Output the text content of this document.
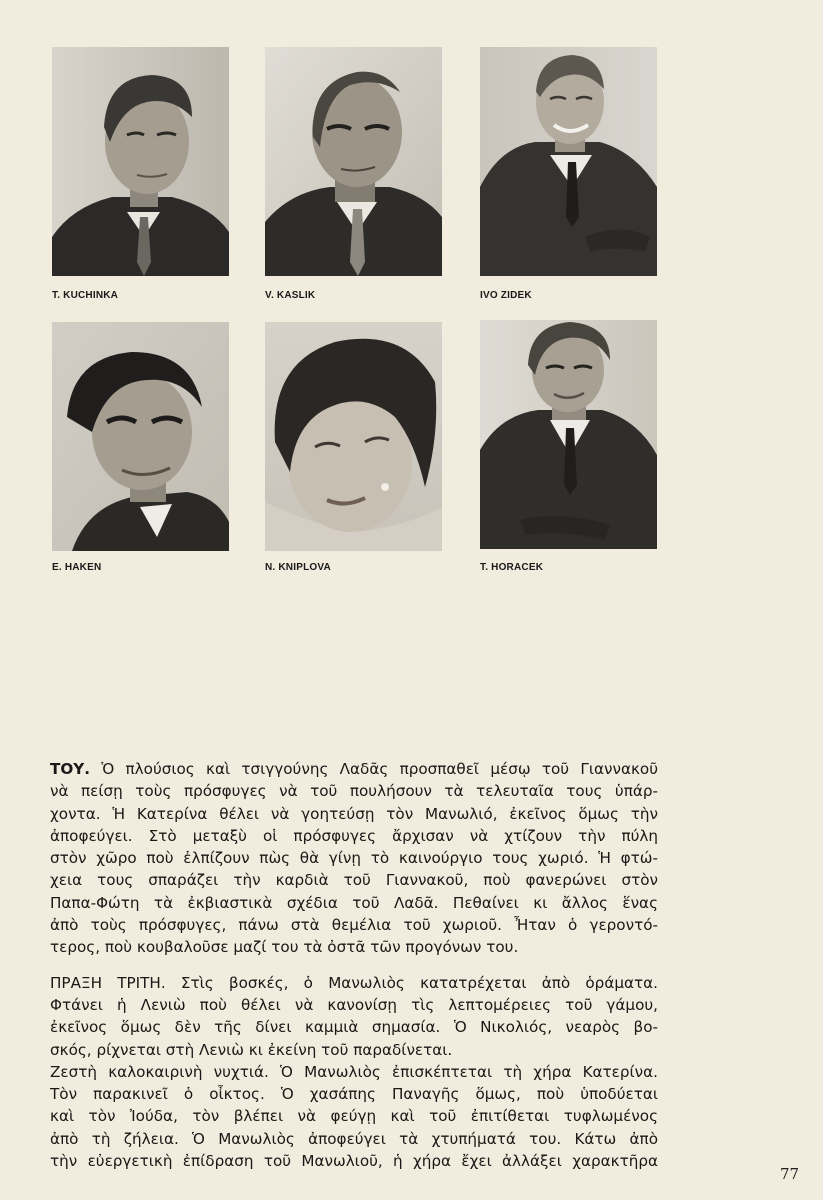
T. KUCHINKA	V. KASLIK	IVO ZIDEK
E. HAKEN	N. KNIPLOVA	T. HORACEK

ΤΟΥ. Ὁ πλούσιος καὶ τσιγγούνης Λαδᾶς προσπαθεῖ μέσῳ τοῦ Γιαννακοῦ
νὰ πείσῃ τοὺς πρόσφυγες νὰ τοῦ πουλήσουν τὰ τελευταῖα τους ὑπάρ-
χοντα. Ἡ Κατερίνα θέλει νὰ γοητεύσῃ τὸν Μανωλιό, ἐκεῖνος ὅμως τὴν
ἀποφεύγει. Στὸ μεταξὺ οἱ πρόσφυγες ἄρχισαν νὰ χτίζουν τὴν πύλη
στὸν χῶρο ποὺ ἐλπίζουν πὼς θὰ γίνῃ τὸ καινούργιο τους χωριό. Ἡ φτώ-
χεια τους σπαράζει τὴν καρδιὰ τοῦ Γιαννακοῦ, ποὺ φανερώνει στὸν
Παπα-Φώτη τὰ ἐκβιαστικὰ σχέδια τοῦ Λαδᾶ. Πεθαίνει κι ἄλλος ἕνας
ἀπὸ τοὺς πρόσφυγες, πάνω στὰ θεμέλια τοῦ χωριοῦ. Ἦταν ὁ γεροντό-
τερος, ποὺ κουβαλοῦσε μαζί του τὰ ὀστᾶ τῶν προγόνων του.

ΠΡΑΞΗ ΤΡΙΤΗ. Στὶς βοσκές, ὁ Μανωλιὸς κατατρέχεται ἀπὸ ὁράματα.
Φτάνει ἡ Λενιὼ ποὺ θέλει νὰ κανονίσῃ τὶς λεπτομέρειες τοῦ γάμου,
ἐκεῖνος ὅμως δὲν τῆς δίνει καμμιὰ σημασία. Ὁ Νικολιός, νεαρὸς βο-
σκός, ρίχνεται στὴ Λενιὼ κι ἐκείνη τοῦ παραδίνεται.

Ζεστὴ καλοκαιρινὴ νυχτιά. Ὁ Μανωλιὸς ἐπισκέπτεται τὴ χήρα Κατερίνα.
Τὸν παρακινεῖ ὁ οἶκτος. Ὁ χασάπης Παναγῆς ὅμως, ποὺ ὑποδύεται
καὶ τὸν Ἰούδα, τὸν βλέπει νὰ φεύγῃ καὶ τοῦ ἐπιτίθεται τυφλωμένος
ἀπὸ τὴ ζήλεια. Ὁ Μανωλιὸς ἀποφεύγει τὰ χτυπήματά του. Κάτω ἀπὸ
τὴν εὐεργετικὴ ἐπίδραση τοῦ Μανωλιοῦ, ἡ χήρα ἔχει ἀλλάξει χαρακτῆρα

77
